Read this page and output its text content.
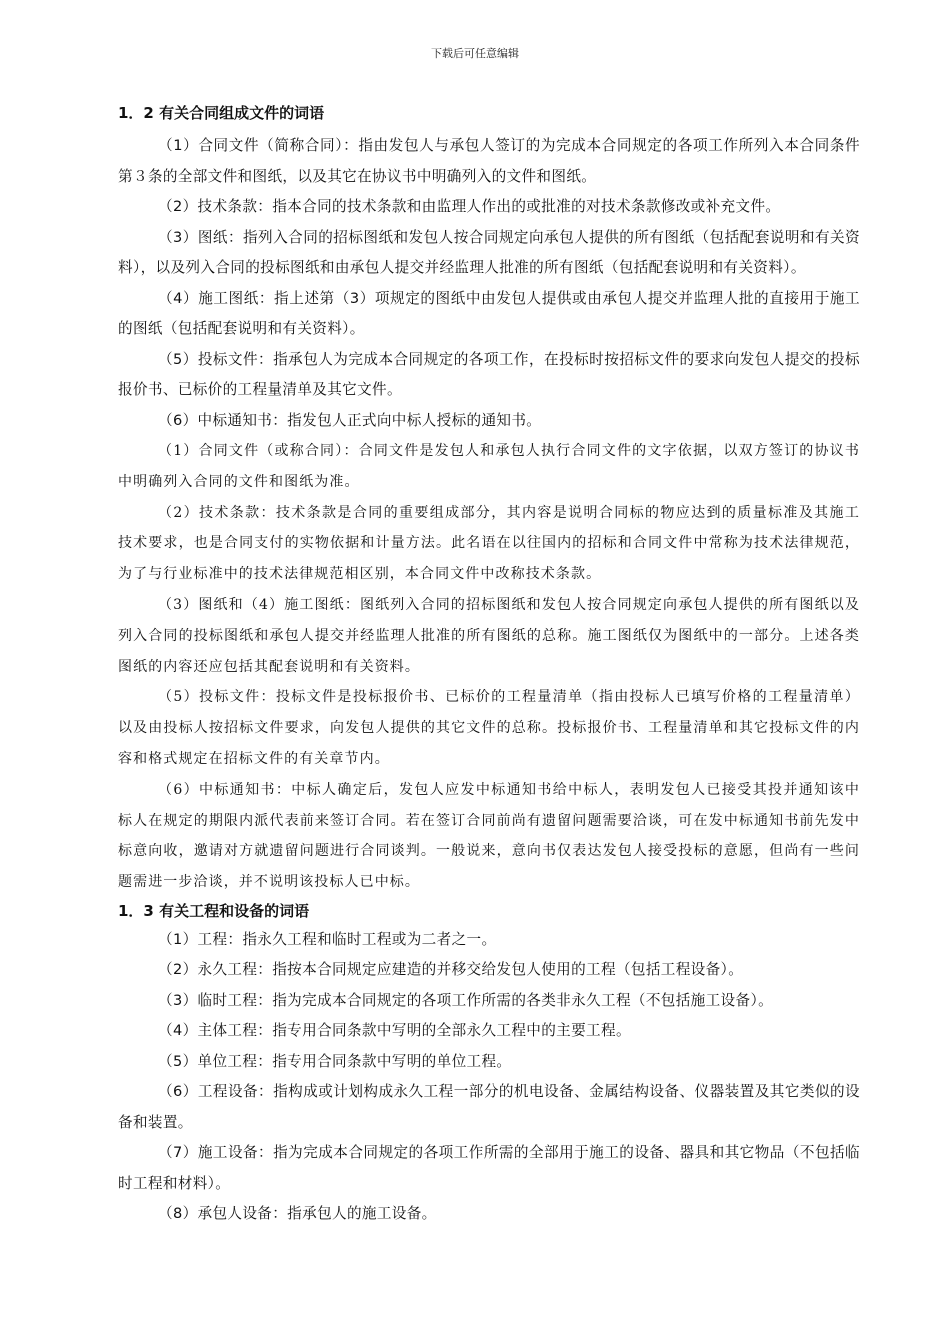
下载后可任意编辑
1．2 有关合同组成文件的词语

（1）合同文件（简称合同）：指由发包人与承包人签订的为完成本合同规定的各项工作所列入本合同条件第３条的全部文件和图纸，以及其它在协议书中明确列入的文件和图纸。

（2）技术条款：指本合同的技术条款和由监理人作出的或批准的对技术条款修改或补充文件。

（3）图纸：指列入合同的招标图纸和发包人按合同规定向承包人提供的所有图纸（包括配套说明和有关资料），以及列入合同的投标图纸和由承包人提交并经监理人批准的所有图纸（包括配套说明和有关资料）。

（4）施工图纸：指上述第（3）项规定的图纸中由发包人提供或由承包人提交并监理人批的直接用于施工的图纸（包括配套说明和有关资料）。

（5）投标文件：指承包人为完成本合同规定的各项工作，在投标时按招标文件的要求向发包人提交的投标报价书、已标价的工程量清单及其它文件。

（6）中标通知书：指发包人正式向中标人授标的通知书。

（1）合同文件（或称合同）：合同文件是发包人和承包人执行合同文件的文字依据，以双方签订的协议书中明确列入合同的文件和图纸为准。

（2）技术条款：技术条款是合同的重要组成部分，其内容是说明合同标的物应达到的质量标准及其施工技术要求，也是合同支付的实物依据和计量方法。此名语在以往国内的招标和合同文件中常称为技术法律规范，为了与行业标准中的技术法律规范相区别，本合同文件中改称技术条款。

（3）图纸和（4）施工图纸：图纸列入合同的招标图纸和发包人按合同规定向承包人提供的所有图纸以及列入合同的投标图纸和承包人提交并经监理人批准的所有图纸的总称。施工图纸仅为图纸中的一部分。上述各类图纸的内容还应包括其配套说明和有关资料。

（5）投标文件：投标文件是投标报价书、已标价的工程量清单（指由投标人已填写价格的工程量清单）以及由投标人按招标文件要求，向发包人提供的其它文件的总称。投标报价书、工程量清单和其它投标文件的内容和格式规定在招标文件的有关章节内。

（6）中标通知书：中标人确定后，发包人应发中标通知书给中标人，表明发包人已接受其投并通知该中标人在规定的期限内派代表前来签订合同。若在签订合同前尚有遗留问题需要洽谈，可在发中标通知书前先发中标意向收，邀请对方就遗留问题进行合同谈判。一般说来，意向书仅表达发包人接受投标的意愿，但尚有一些问题需进一步洽谈，并不说明该投标人已中标。

1．3 有关工程和设备的词语

（1）工程：指永久工程和临时工程或为二者之一。

（2）永久工程：指按本合同规定应建造的并移交给发包人使用的工程（包括工程设备）。

（3）临时工程：指为完成本合同规定的各项工作所需的各类非永久工程（不包括施工设备）。

（4）主体工程：指专用合同条款中写明的全部永久工程中的主要工程。

（5）单位工程：指专用合同条款中写明的单位工程。

（6）工程设备：指构成或计划构成永久工程一部分的机电设备、金属结构设备、仪器装置及其它类似的设备和装置。

（7）施工设备：指为完成本合同规定的各项工作所需的全部用于施工的设备、器具和其它物品（不包括临时工程和材料）。

（8）承包人设备：指承包人的施工设备。
